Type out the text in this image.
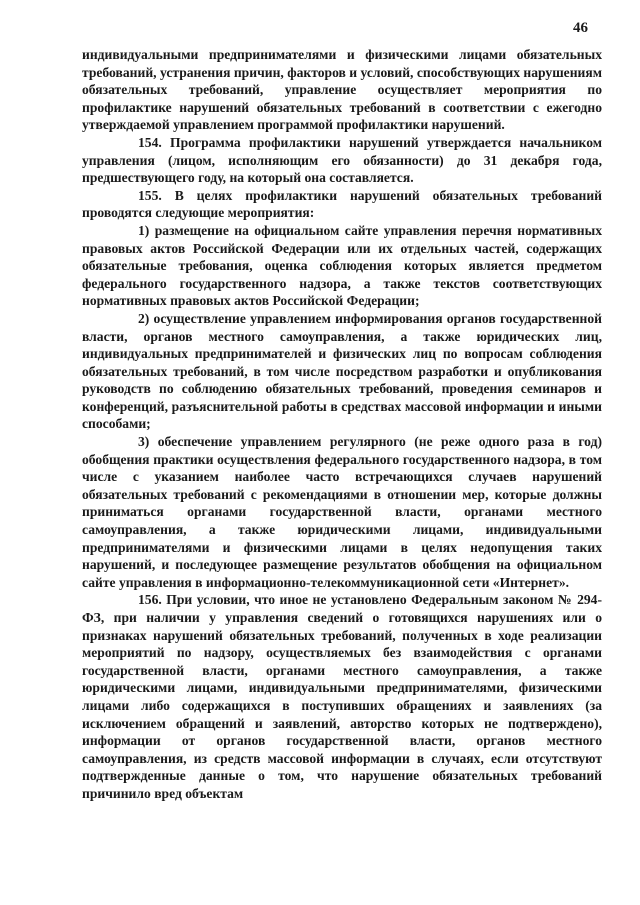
46

индивидуальными предпринимателями и физическими лицами обязательных требований, устранения причин, факторов и условий, способствующих нарушениям обязательных требований, управление осуществляет мероприятия по профилактике нарушений обязательных требований в соответствии с ежегодно утверждаемой управлением программой профилактики нарушений.

154. Программа профилактики нарушений утверждается начальником управления (лицом, исполняющим его обязанности) до 31 декабря года, предшествующего году, на который она составляется.

155. В целях профилактики нарушений обязательных требований проводятся следующие мероприятия:

1) размещение на официальном сайте управления перечня нормативных правовых актов Российской Федерации или их отдельных частей, содержащих обязательные требования, оценка соблюдения которых является предметом федерального государственного надзора, а также текстов соответствующих нормативных правовых актов Российской Федерации;

2) осуществление управлением информирования органов государственной власти, органов местного самоуправления, а также юридических лиц, индивидуальных предпринимателей и физических лиц по вопросам соблюдения обязательных требований, в том числе посредством разработки и опубликования руководств по соблюдению обязательных требований, проведения семинаров и конференций, разъяснительной работы в средствах массовой информации и иными способами;

3) обеспечение управлением регулярного (не реже одного раза в год) обобщения практики осуществления федерального государственного надзора, в том числе с указанием наиболее часто встречающихся случаев нарушений обязательных требований с рекомендациями в отношении мер, которые должны приниматься органами государственной власти, органами местного самоуправления, а также юридическими лицами, индивидуальными предпринимателями и физическими лицами в целях недопущения таких нарушений, и последующее размещение результатов обобщения на официальном сайте управления в информационно-телекоммуникационной сети «Интернет».

156. При условии, что иное не установлено Федеральным законом № 294-ФЗ, при наличии у управления сведений о готовящихся нарушениях или о признаках нарушений обязательных требований, полученных в ходе реализации мероприятий по надзору, осуществляемых без взаимодействия с органами государственной власти, органами местного самоуправления, а также юридическими лицами, индивидуальными предпринимателями, физическими лицами либо содержащихся в поступивших обращениях и заявлениях (за исключением обращений и заявлений, авторство которых не подтверждено), информации от органов государственной власти, органов местного самоуправления, из средств массовой информации в случаях, если отсутствуют подтвержденные данные о том, что нарушение обязательных требований причинило вред объектам
